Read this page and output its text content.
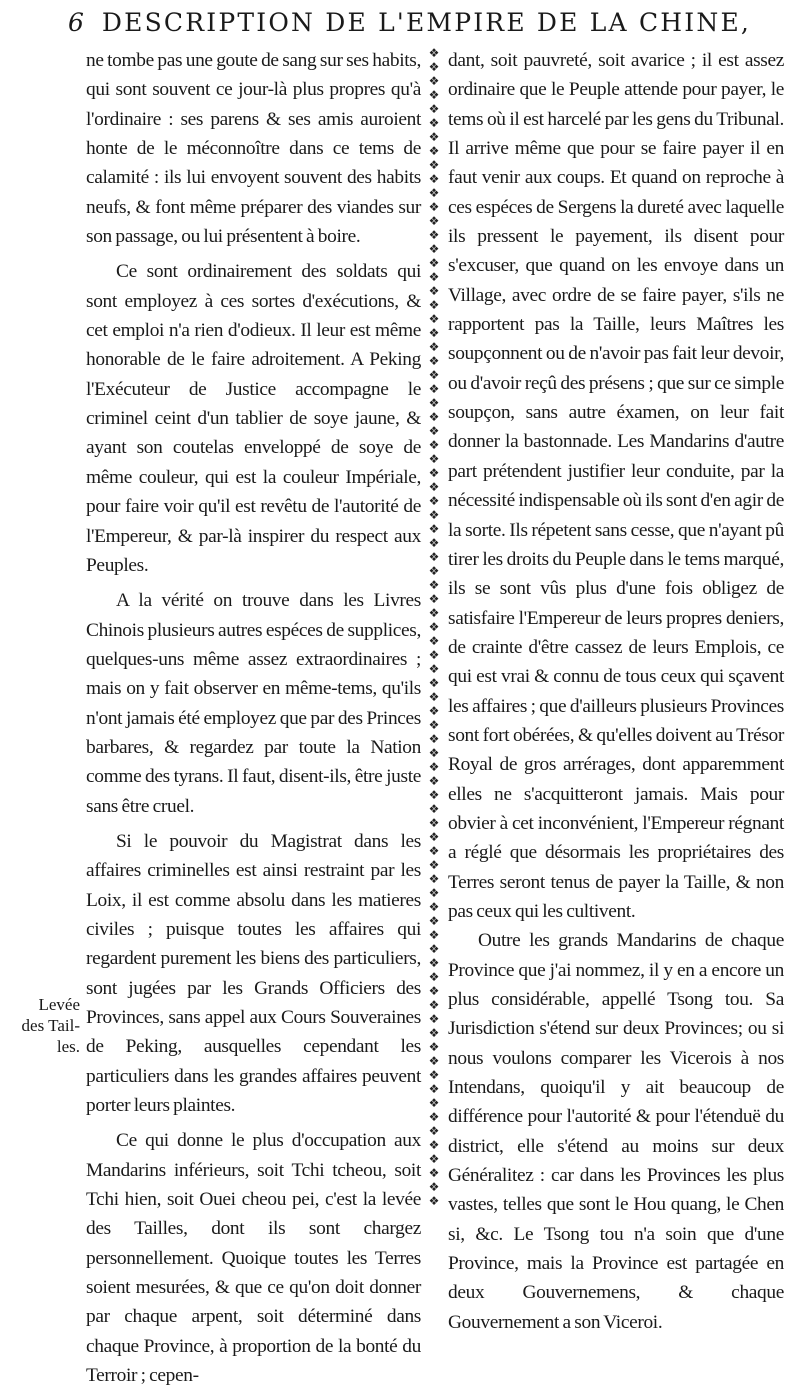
6 DESCRIPTION DE L'EMPIRE DE LA CHINE,
Levée
des Tail-
les.

ne tombe pas une goute de sang sur ses habits, qui sont souvent ce jour-là plus propres qu'à l'ordinaire : ses parens & ses amis auroient honte de le méconnoître dans ce tems de calamité : ils lui envoyent souvent des habits neufs, & font même préparer des viandes sur son passage, ou lui présentent à boire.

Ce sont ordinairement des soldats qui sont employez à ces sortes d'exécutions, & cet emploi n'a rien d'odieux. Il leur est même honorable de le faire adroitement. A Peking l'Exécuteur de Justice accompagne le criminel ceint d'un tablier de soye jaune, & ayant son coutelas enveloppé de soye de même couleur, qui est la couleur Impériale, pour faire voir qu'il est revêtu de l'autorité de l'Empereur, & par-là inspirer du respect aux Peuples.

A la vérité on trouve dans les Livres Chinois plusieurs autres espéces de supplices, quelques-uns même assez extraordinaires ; mais on y fait observer en même-tems, qu'ils n'ont jamais été employez que par des Princes barbares, & regardez par toute la Nation comme des tyrans. Il faut, disent-ils, être juste sans être cruel.

Si le pouvoir du Magistrat dans les affaires criminelles est ainsi restraint par les Loix, il est comme absolu dans les matieres civiles ; puisque toutes les affaires qui regardent purement les biens des particuliers, sont jugées par les Grands Officiers des Provinces, sans appel aux Cours Souveraines de Peking, ausquelles cependant les particuliers dans les grandes affaires peuvent porter leurs plaintes.

Ce qui donne le plus d'occupation aux Mandarins inférieurs, soit Tchi tcheou, soit Tchi hien, soit Ouei cheou pei, c'est la levée des Tailles, dont ils sont chargez personnellement. Quoique toutes les Terres soient mesurées, & que ce qu'on doit donner par chaque arpent, soit déterminé dans chaque Province, à proportion de la bonté du Terroir ; cepen-

❖
❖
❖
❖
❖
❖
❖
❖
❖
❖
❖
❖
❖
❖
❖
❖
❖
❖
❖
❖
❖
❖
❖
❖
❖
❖
❖
❖
❖
❖
❖
❖
❖
❖
❖
❖
❖
❖
❖
❖
❖
❖
❖
❖
❖
❖
❖
❖
❖
❖
❖
❖
❖
❖
❖
❖
❖
❖
❖
❖
❖
❖
❖
❖
❖
❖
❖
❖
❖
❖
❖
❖
❖
❖
❖
❖
❖
❖
❖
❖
❖
❖
❖

dant, soit pauvreté, soit avarice ; il est assez ordinaire que le Peuple attende pour payer, le tems où il est harcelé par les gens du Tribunal. Il arrive même que pour se faire payer il en faut venir aux coups. Et quand on reproche à ces espéces de Sergens la dureté avec laquelle ils pressent le payement, ils disent pour s'excuser, que quand on les envoye dans un Village, avec ordre de se faire payer, s'ils ne rapportent pas la Taille, leurs Maîtres les soupçonnent ou de n'avoir pas fait leur devoir, ou d'avoir reçû des présens ; que sur ce simple soupçon, sans autre éxamen, on leur fait donner la bastonnade. Les Mandarins d'autre part prétendent justifier leur conduite, par la nécessité indispensable où ils sont d'en agir de la sorte. Ils répetent sans cesse, que n'ayant pû tirer les droits du Peuple dans le tems marqué, ils se sont vûs plus d'une fois obligez de satisfaire l'Empereur de leurs propres deniers, de crainte d'être cassez de leurs Emplois, ce qui est vrai & connu de tous ceux qui sçavent les affaires ; que d'ailleurs plusieurs Provinces sont fort obérées, & qu'elles doivent au Trésor Royal de gros arrérages, dont apparemment elles ne s'acquitteront jamais. Mais pour obvier à cet inconvénient, l'Empereur régnant a réglé que désormais les propriétaires des Terres seront tenus de payer la Taille, & non pas ceux qui les cultivent.

Outre les grands Mandarins de chaque Province que j'ai nommez, il y en a encore un plus considérable, appellé Tsong tou. Sa Jurisdiction s'étend sur deux Provinces; ou si nous voulons comparer les Vicerois à nos Intendans, quoiqu'il y ait beaucoup de différence pour l'autorité & pour l'étenduë du district, elle s'étend au moins sur deux Généralitez : car dans les Provinces les plus vastes, telles que sont le Hou quang, le Chen si, &c. Le Tsong tou n'a soin que d'une Province, mais la Province est partagée en deux Gouvernemens, & chaque Gouvernement a son Viceroi.
